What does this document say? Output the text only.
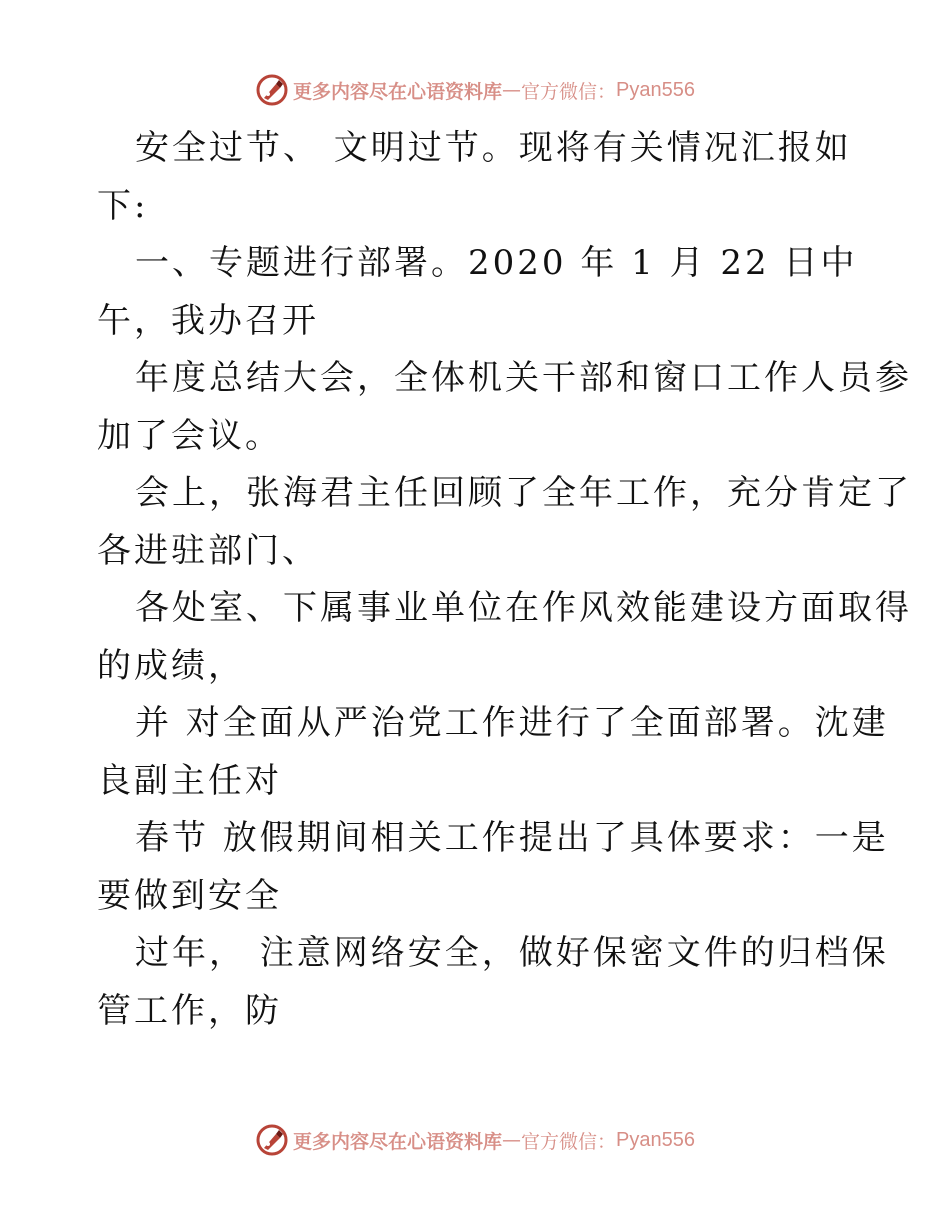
更多内容尽在心语资料库 — 官方微信： Pyan556
安全过节、 文明过节。现将有关情况汇报如
下:
一、专题进行部署。2020 年 1 月 22 日中
午，我办召开
年度总结大会，全体机关干部和窗口工作人员参
加了会议。
会上，张海君主任回顾了全年工作，充分肯定了
各进驻部门、
各处室、下属事业单位在作风效能建设方面取得
的成绩，
并 对全面从严治党工作进行了全面部署。沈建
良副主任对
春节 放假期间相关工作提出了具体要求：一是
要做到安全
过年， 注意网络安全，做好保密文件的归档保
管工作，防
更多内容尽在心语资料库 — 官方微信： Pyan556
